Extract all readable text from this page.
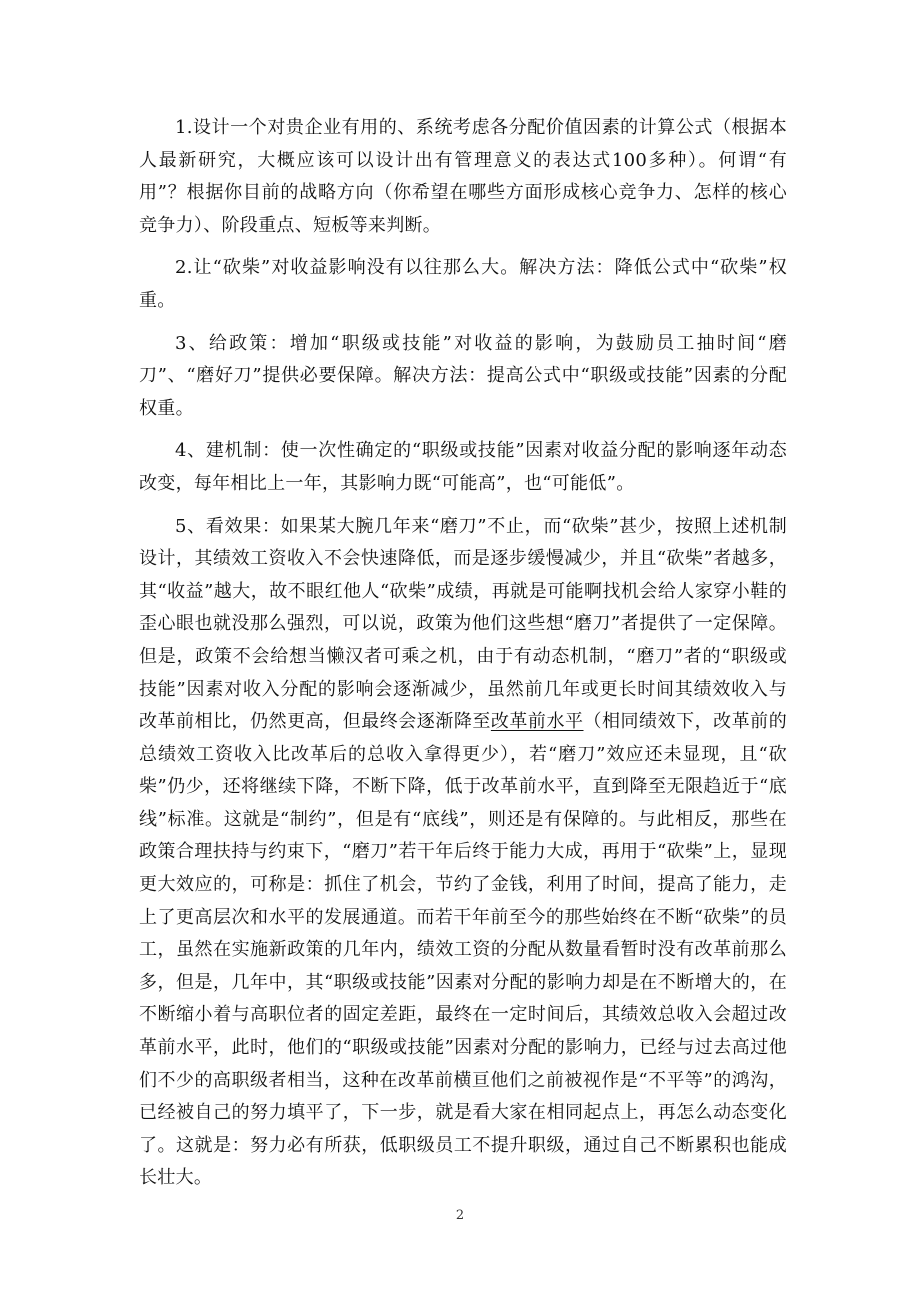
1.设计一个对贵企业有用的、系统考虑各分配价值因素的计算公式（根据本人最新研究，大概应该可以设计出有管理意义的表达式100多种）。何谓“有用”？根据你目前的战略方向（你希望在哪些方面形成核心竞争力、怎样的核心竞争力）、阶段重点、短板等来判断。

2.让“砍柴”对收益影响没有以往那么大。解决方法：降低公式中“砍柴”权重。

3、给政策：增加“职级或技能”对收益的影响，为鼓励员工抽时间“磨刀”、“磨好刀”提供必要保障。解决方法：提高公式中“职级或技能”因素的分配权重。

4、建机制：使一次性确定的“职级或技能”因素对收益分配的影响逐年动态改变，每年相比上一年，其影响力既“可能高”，也“可能低”。

5、看效果：如果某大腕几年来“磨刀”不止，而“砍柴”甚少，按照上述机制设计，其绩效工资收入不会快速降低，而是逐步缓慢减少，并且“砍柴”者越多，其“收益”越大，故不眼红他人“砍柴”成绩，再就是可能啊找机会给人家穿小鞋的歪心眼也就没那么强烈，可以说，政策为他们这些想“磨刀”者提供了一定保障。但是，政策不会给想当懒汉者可乘之机，由于有动态机制，“磨刀”者的“职级或技能”因素对收入分配的影响会逐渐减少，虽然前几年或更长时间其绩效收入与改革前相比，仍然更高，但最终会逐渐降至改革前水平（相同绩效下，改革前的总绩效工资收入比改革后的总收入拿得更少），若“磨刀”效应还未显现，且“砍柴”仍少，还将继续下降，不断下降，低于改革前水平，直到降至无限趋近于“底线”标准。这就是“制约”，但是有“底线”，则还是有保障的。与此相反，那些在政策合理扶持与约束下，“磨刀”若干年后终于能力大成，再用于“砍柴”上，显现更大效应的，可称是：抓住了机会，节约了金钱，利用了时间，提高了能力，走上了更高层次和水平的发展通道。而若干年前至今的那些始终在不断“砍柴”的员工，虽然在实施新政策的几年内，绩效工资的分配从数量看暂时没有改革前那么多，但是，几年中，其“职级或技能”因素对分配的影响力却是在不断增大的，在不断缩小着与高职位者的固定差距，最终在一定时间后，其绩效总收入会超过改革前水平，此时，他们的“职级或技能”因素对分配的影响力，已经与过去高过他们不少的高职级者相当，这种在改革前横亘他们之前被视作是“不平等”的鸿沟，已经被自己的努力填平了，下一步，就是看大家在相同起点上，再怎么动态变化了。这就是：努力必有所获，低职级员工不提升职级，通过自己不断累积也能成长壮大。

2
